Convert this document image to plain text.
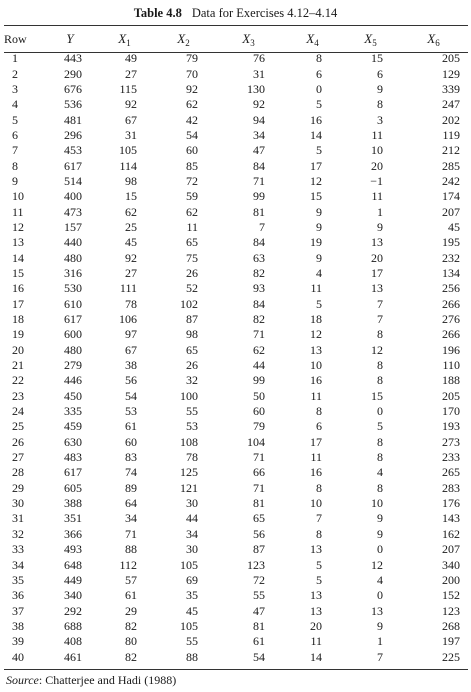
Table 4.8 Data for Exercises 4.12–4.14
Row	Y	$X_1$	$X_2$	$X_3$	$X_4$	$X_5$	$X_6$
1	443	49	79	76	8	15	205
2	290	27	70	31	6	6	129
3	676	115	92	130	0	9	339
4	536	92	62	92	5	8	247
5	481	67	42	94	16	3	202
6	296	31	54	34	14	11	119
7	453	105	60	47	5	10	212
8	617	114	85	84	17	20	285
9	514	98	72	71	12	−1	242
10	400	15	59	99	15	11	174
11	473	62	62	81	9	1	207
12	157	25	11	7	9	9	45
13	440	45	65	84	19	13	195
14	480	92	75	63	9	20	232
15	316	27	26	82	4	17	134
16	530	111	52	93	11	13	256
17	610	78	102	84	5	7	266
18	617	106	87	82	18	7	276
19	600	97	98	71	12	8	266
20	480	67	65	62	13	12	196
21	279	38	26	44	10	8	110
22	446	56	32	99	16	8	188
23	450	54	100	50	11	15	205
24	335	53	55	60	8	0	170
25	459	61	53	79	6	5	193
26	630	60	108	104	17	8	273
27	483	83	78	71	11	8	233
28	617	74	125	66	16	4	265
29	605	89	121	71	8	8	283
30	388	64	30	81	10	10	176
31	351	34	44	65	7	9	143
32	366	71	34	56	8	9	162
33	493	88	30	87	13	0	207
34	648	112	105	123	5	12	340
35	449	57	69	72	5	4	200
36	340	61	35	55	13	0	152
37	292	29	45	47	13	13	123
38	688	82	105	81	20	9	268
39	408	80	55	61	11	1	197
40	461	82	88	54	14	7	225
Source: Chatterjee and Hadi (1988)
